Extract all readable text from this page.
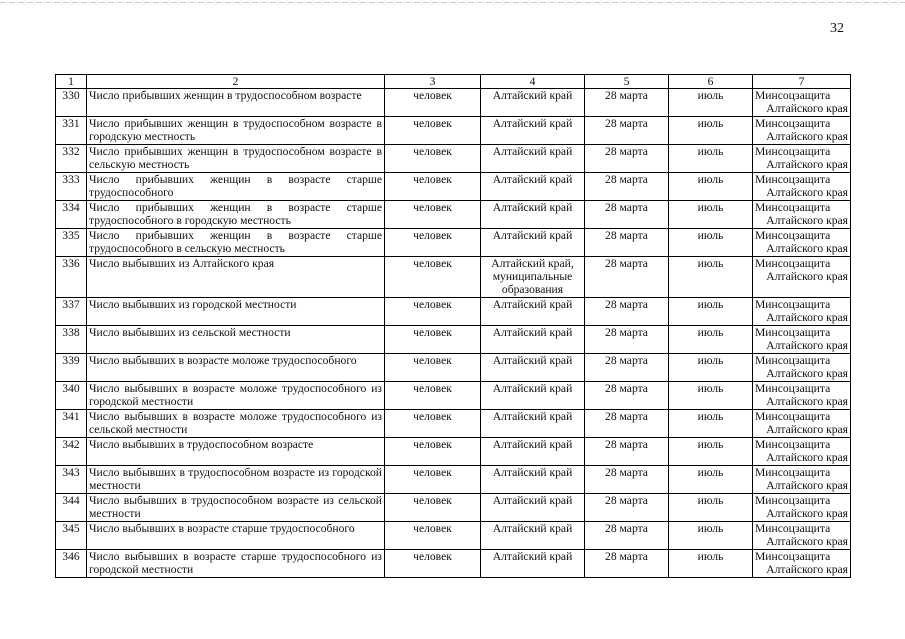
32
1	2	3	4	5	6	7
330	Число прибывших женщин в трудоспособном возрасте	человек	Алтайский край	28 марта	июль	Минсоцзащита
Алтайского края

331	Число прибывших женщин в трудоспособном возрасте в городскую местность	человек	Алтайский край	28 марта	июль	Минсоцзащита
Алтайского края

332	Число прибывших женщин в трудоспособном возрасте в сельскую местность	человек	Алтайский край	28 марта	июль	Минсоцзащита
Алтайского края

333	Число прибывших женщин в возрасте старше трудоспособного	человек	Алтайский край	28 марта	июль	Минсоцзащита
Алтайского края

334	Число прибывших женщин в возрасте старше трудоспособного в городскую местность	человек	Алтайский край	28 марта	июль	Минсоцзащита
Алтайского края

335	Число прибывших женщин в возрасте старше трудоспособного в сельскую местность	человек	Алтайский край	28 марта	июль	Минсоцзащита
Алтайского края

336	Число выбывших из Алтайского края	человек	Алтайский край, муниципальные образования	28 марта	июль	Минсоцзащита
Алтайского края

337	Число выбывших из городской местности	человек	Алтайский край	28 марта	июль	Минсоцзащита
Алтайского края

338	Число выбывших из сельской местности	человек	Алтайский край	28 марта	июль	Минсоцзащита
Алтайского края

339	Число выбывших в возрасте моложе трудоспособного	человек	Алтайский край	28 марта	июль	Минсоцзащита
Алтайского края

340	Число выбывших в возрасте моложе трудоспособного из городской местности	человек	Алтайский край	28 марта	июль	Минсоцзащита
Алтайского края

341	Число выбывших в возрасте моложе трудоспособного из сельской местности	человек	Алтайский край	28 марта	июль	Минсоцзащита
Алтайского края

342	Число выбывших в трудоспособном возрасте	человек	Алтайский край	28 марта	июль	Минсоцзащита
Алтайского края

343	Число выбывших в трудоспособном возрасте из городской местности	человек	Алтайский край	28 марта	июль	Минсоцзащита
Алтайского края

344	Число выбывших в трудоспособном возрасте из сельской местности	человек	Алтайский край	28 марта	июль	Минсоцзащита
Алтайского края

345	Число выбывших в возрасте старше трудоспособного	человек	Алтайский край	28 марта	июль	Минсоцзащита
Алтайского края

346	Число выбывших в возрасте старше трудоспособного из городской местности	человек	Алтайский край	28 марта	июль	Минсоцзащита
Алтайского края
